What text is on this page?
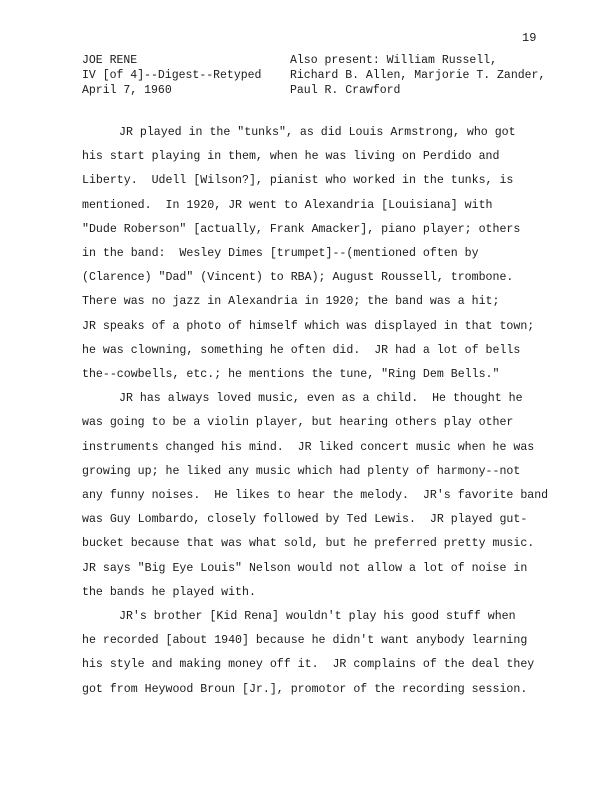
19
JOE RENE
IV [of 4]--Digest--Retyped
April 7, 1960
Also present: William Russell,
Richard B. Allen, Marjorie T. Zander,
Paul R. Crawford
JR played in the "tunks", as did Louis Armstrong, who got
his start playing in them, when he was living on Perdido and
Liberty.  Udell [Wilson?], pianist who worked in the tunks, is
mentioned.  In 1920, JR went to Alexandria [Louisiana] with
"Dude Roberson" [actually, Frank Amacker], piano player; others
in the band:  Wesley Dimes [trumpet]--(mentioned often by
(Clarence) "Dad" (Vincent) to RBA); August Roussell, trombone.
There was no jazz in Alexandria in 1920; the band was a hit;
JR speaks of a photo of himself which was displayed in that town;
he was clowning, something he often did.  JR had a lot of bells
the--cowbells, etc.; he mentions the tune, "Ring Dem Bells."
JR has always loved music, even as a child.  He thought he
was going to be a violin player, but hearing others play other
instruments changed his mind.  JR liked concert music when he was
growing up; he liked any music which had plenty of harmony--not
any funny noises.  He likes to hear the melody.  JR's favorite band
was Guy Lombardo, closely followed by Ted Lewis.  JR played gut-
bucket because that was what sold, but he preferred pretty music.
JR says "Big Eye Louis" Nelson would not allow a lot of noise in
the bands he played with.
JR's brother [Kid Rena] wouldn't play his good stuff when
he recorded [about 1940] because he didn't want anybody learning
his style and making money off it.  JR complains of the deal they
got from Heywood Broun [Jr.], promotor of the recording session.
